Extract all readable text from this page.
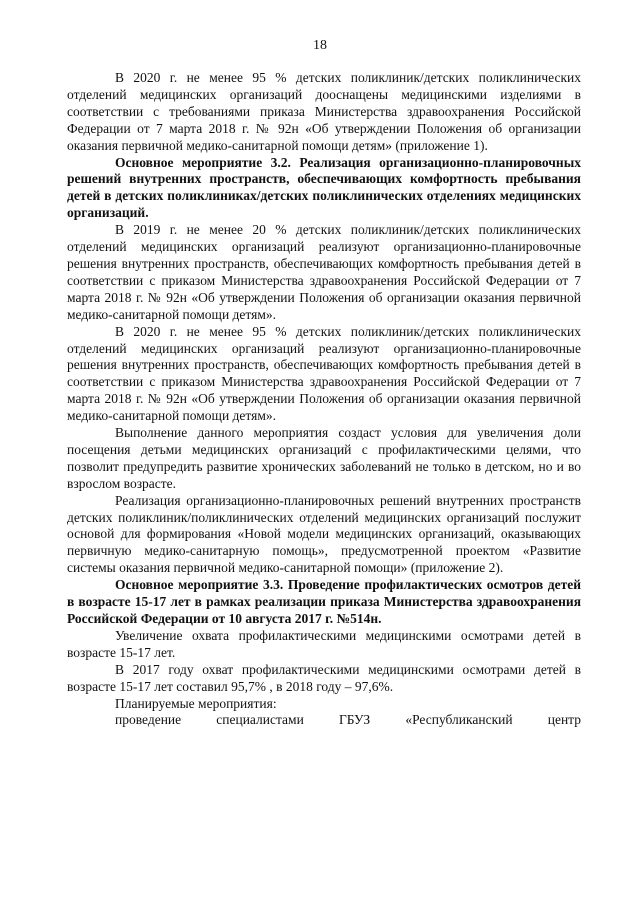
18

В 2020 г. не менее 95 % детских поликлиник/детских поликлинических отделений медицинских организаций дооснащены медицинскими изделиями в соответствии с требованиями приказа Министерства здравоохранения Российской Федерации от 7 марта 2018 г. № 92н «Об утверждении Положения об организации оказания первичной медико-санитарной помощи детям» (приложение 1).

Основное мероприятие 3.2. Реализация организационно-планировочных решений внутренних пространств, обеспечивающих комфортность пребывания детей в детских поликлиниках/детских поликлинических отделениях медицинских организаций.

В 2019 г. не менее 20 % детских поликлиник/детских поликлинических отделений медицинских организаций реализуют организационно-планировочные решения внутренних пространств, обеспечивающих комфортность пребывания детей в соответствии с приказом Министерства здравоохранения Российской Федерации от 7 марта 2018 г. № 92н «Об утверждении Положения об организации оказания первичной медико-санитарной помощи детям».

В 2020 г. не менее 95 % детских поликлиник/детских поликлинических отделений медицинских организаций реализуют организационно-планировочные решения внутренних пространств, обеспечивающих комфортность пребывания детей в соответствии с приказом Министерства здравоохранения Российской Федерации от 7 марта 2018 г. № 92н «Об утверждении Положения об организации оказания первичной медико-санитарной помощи детям».

Выполнение данного мероприятия создаст условия для увеличения доли посещения детьми медицинских организаций с профилактическими целями, что позволит предупредить развитие хронических заболеваний не только в детском, но и во взрослом возрасте.

Реализация организационно-планировочных решений внутренних пространств детских поликлиник/поликлинических отделений медицинских организаций послужит основой для формирования «Новой модели медицинских организаций, оказывающих первичную медико-санитарную помощь», предусмотренной проектом «Развитие системы оказания первичной медико-санитарной помощи» (приложение 2).

Основное мероприятие 3.3. Проведение профилактических осмотров детей в возрасте 15-17 лет в рамках реализации приказа Министерства здравоохранения Российской Федерации от 10 августа 2017 г. №514н.

Увеличение охвата профилактическими медицинскими осмотрами детей в возрасте 15-17 лет.

В 2017 году охват профилактическими медицинскими осмотрами детей в возрасте 15-17 лет составил 95,7% , в 2018 году – 97,6%.

Планируемые мероприятия:

проведение специалистами ГБУЗ «Республиканский центр
